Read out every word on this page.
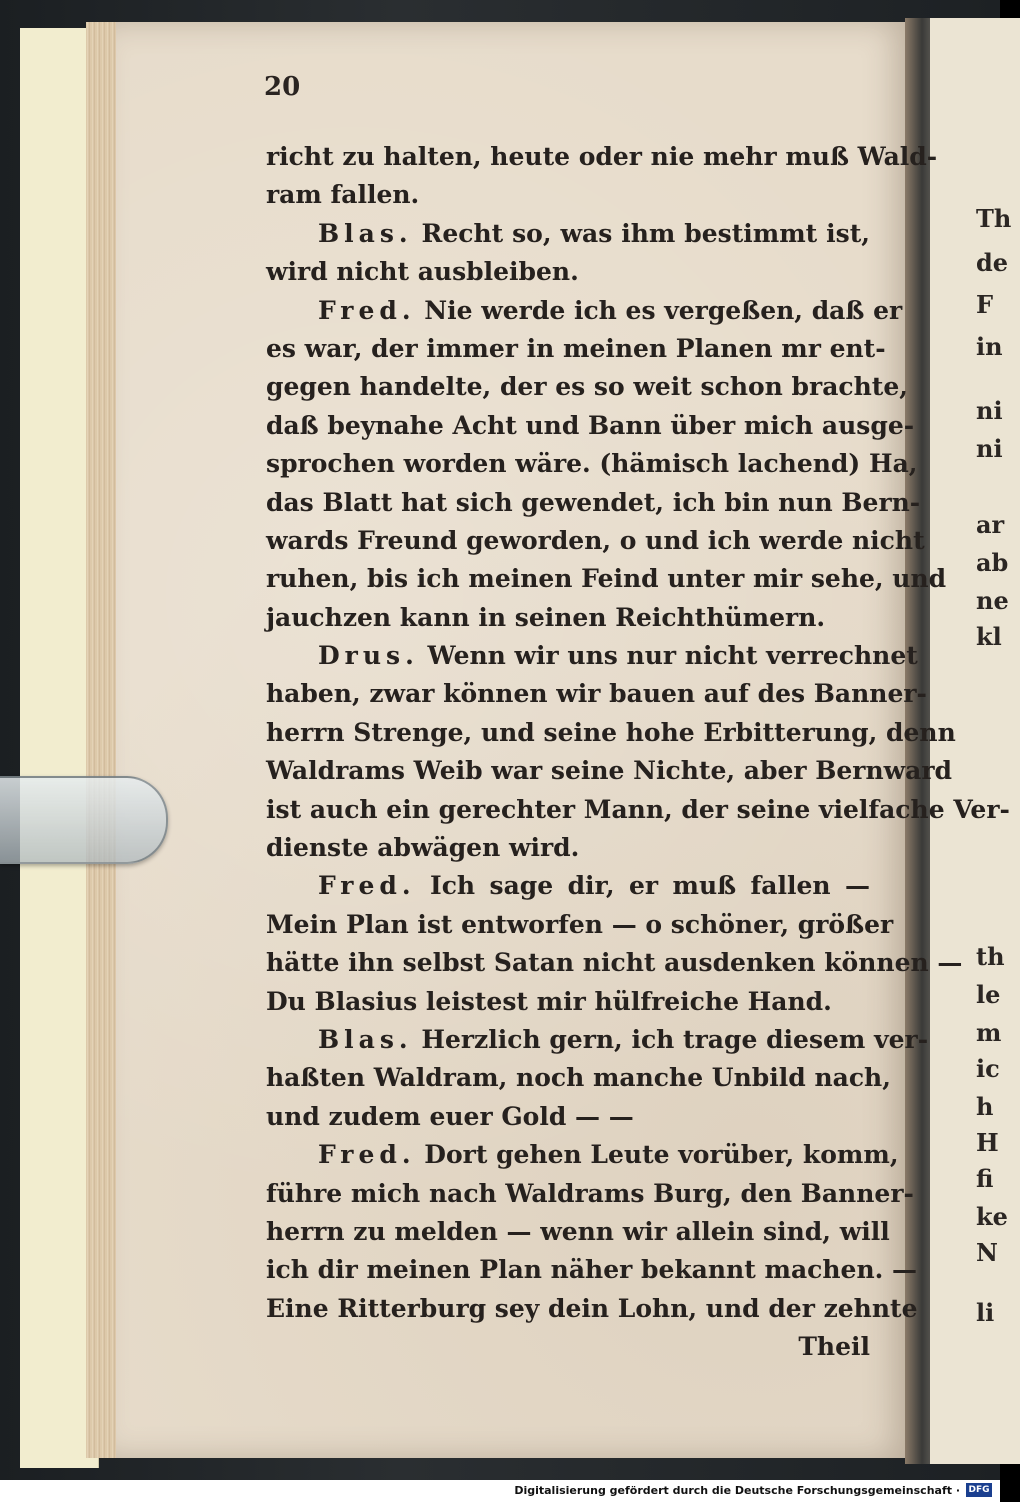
Th
de
F
in
ni
ni
ar
ab
ne
kl
th
le
m
ic
h
H
fi
ke
N
li
20
richt zu halten, heute oder nie mehr muß Wald-
ram fallen.
Blas. Recht so, was ihm bestimmt ist,
wird nicht ausbleiben.
Fred. Nie werde ich es vergeßen, daß er
es war, der immer in meinen Planen mr ent-
gegen handelte, der es so weit schon brachte,
daß beynahe Acht und Bann über mich ausge-
sprochen worden wäre. (hämisch lachend) Ha,
das Blatt hat sich gewendet, ich bin nun Bern-
wards Freund geworden, o und ich werde nicht
ruhen, bis ich meinen Feind unter mir sehe, und
jauchzen kann in seinen Reichthümern.
Drus. Wenn wir uns nur nicht verrechnet
haben, zwar können wir bauen auf des Banner-
herrn Strenge, und seine hohe Erbitterung, denn
Waldrams Weib war seine Nichte, aber Bernward
ist auch ein gerechter Mann, der seine vielfache Ver-
dienste abwägen wird.
Fred. Ich sage dir, er muß fallen —
Mein Plan ist entworfen — o schöner, größer
hätte ihn selbst Satan nicht ausdenken können —
Du Blasius leistest mir hülfreiche Hand.
Blas. Herzlich gern, ich trage diesem ver-
haßten Waldram, noch manche Unbild nach,
und zudem euer Gold — —
Fred. Dort gehen Leute vorüber, komm,
führe mich nach Waldrams Burg, den Banner-
herrn zu melden — wenn wir allein sind, will
ich dir meinen Plan näher bekannt machen. —
Eine Ritterburg sey dein Lohn, und der zehnte
Theil
Digitalisierung gefördert durch die Deutsche Forschungsgemeinschaft · DFG
